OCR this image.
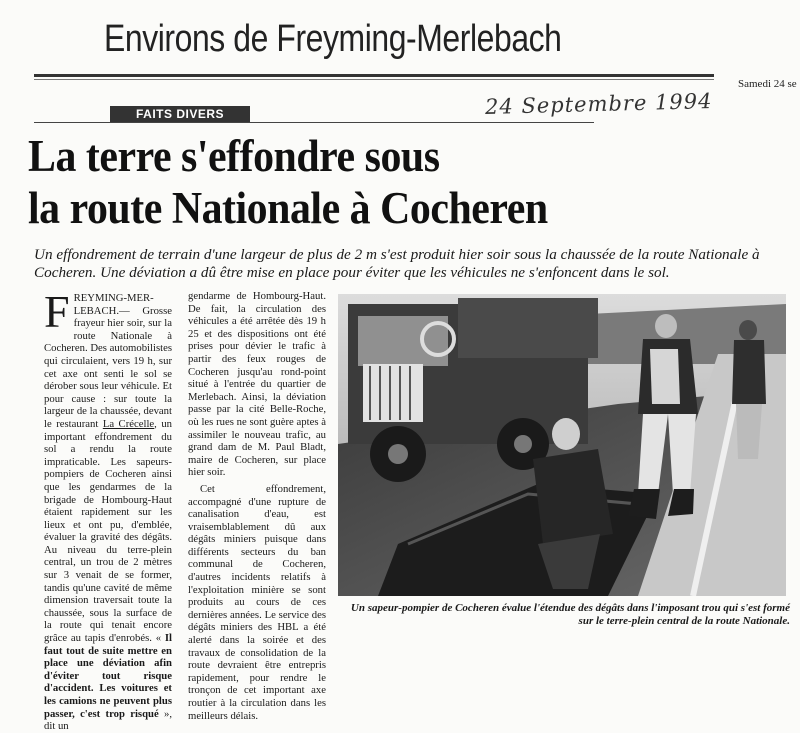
Environs de Freyming-Merlebach
Samedi 24 se
FAITS DIVERS	24 Septembre 1994
La terre s'effondre sous
la route Nationale à Cocheren
Un effondrement de terrain d'une largeur de plus de 2 m s'est produit hier soir sous la chaussée de la route Nationale à Cocheren. Une déviation a dû être mise en place pour éviter que les véhicules ne s'enfoncent dans le sol.

FREYMING-MER-LEBACH.— Grosse frayeur hier soir, sur la route Nationale à Cocheren. Des automobilistes qui circulaient, vers 19 h, sur cet axe ont senti le sol se dérober sous leur véhicule. Et pour cause : sur toute la largeur de la chaussée, devant le restaurant La Crécelle, un important effondrement du sol a rendu la route impraticable. Les sapeurs-pompiers de Cocheren ainsi que les gendarmes de la brigade de Hombourg-Haut étaient rapidement sur les lieux et ont pu, d'emblée, évaluer la gravité des dégâts. Au niveau du terre-plein central, un trou de 2 mètres sur 3 venait de se former, tandis qu'une cavité de même dimension traversait toute la chaussée, sous la surface de la route qui tenait encore grâce au tapis d'enrobés. « Il faut tout de suite mettre en place une déviation afin d'éviter tout risque d'accident. Les voitures et les camions ne peuvent plus passer, c'est trop risqué », dit un

gendarme de Hombourg-Haut. De fait, la circulation des véhicules a été arrêtée dès 19 h 25 et des dispositions ont été prises pour dévier le trafic à partir des feux rouges de Cocheren jusqu'au rond-point situé à l'entrée du quartier de Merlebach. Ainsi, la déviation passe par la cité Belle-Roche, où les rues ne sont guère aptes à assimiler le nouveau trafic, au grand dam de M. Paul Bladt, maire de Cocheren, sur place hier soir.

Cet effondrement, accompagné d'une rupture de canalisation d'eau, est vraisemblablement dû aux dégâts miniers puisque dans différents secteurs du ban communal de Cocheren, d'autres incidents relatifs à l'exploitation minière se sont produits au cours de ces dernières années. Le service des dégâts miniers des HBL a été alerté dans la soirée et des travaux de consolidation de la route devraient être entrepris rapidement, pour rendre le tronçon de cet important axe routier à la circulation dans les meilleurs délais.

Un sapeur-pompier de Cocheren évalue l'étendue des dégâts dans l'imposant trou qui s'est formé sur le terre-plein central de la route Nationale.
